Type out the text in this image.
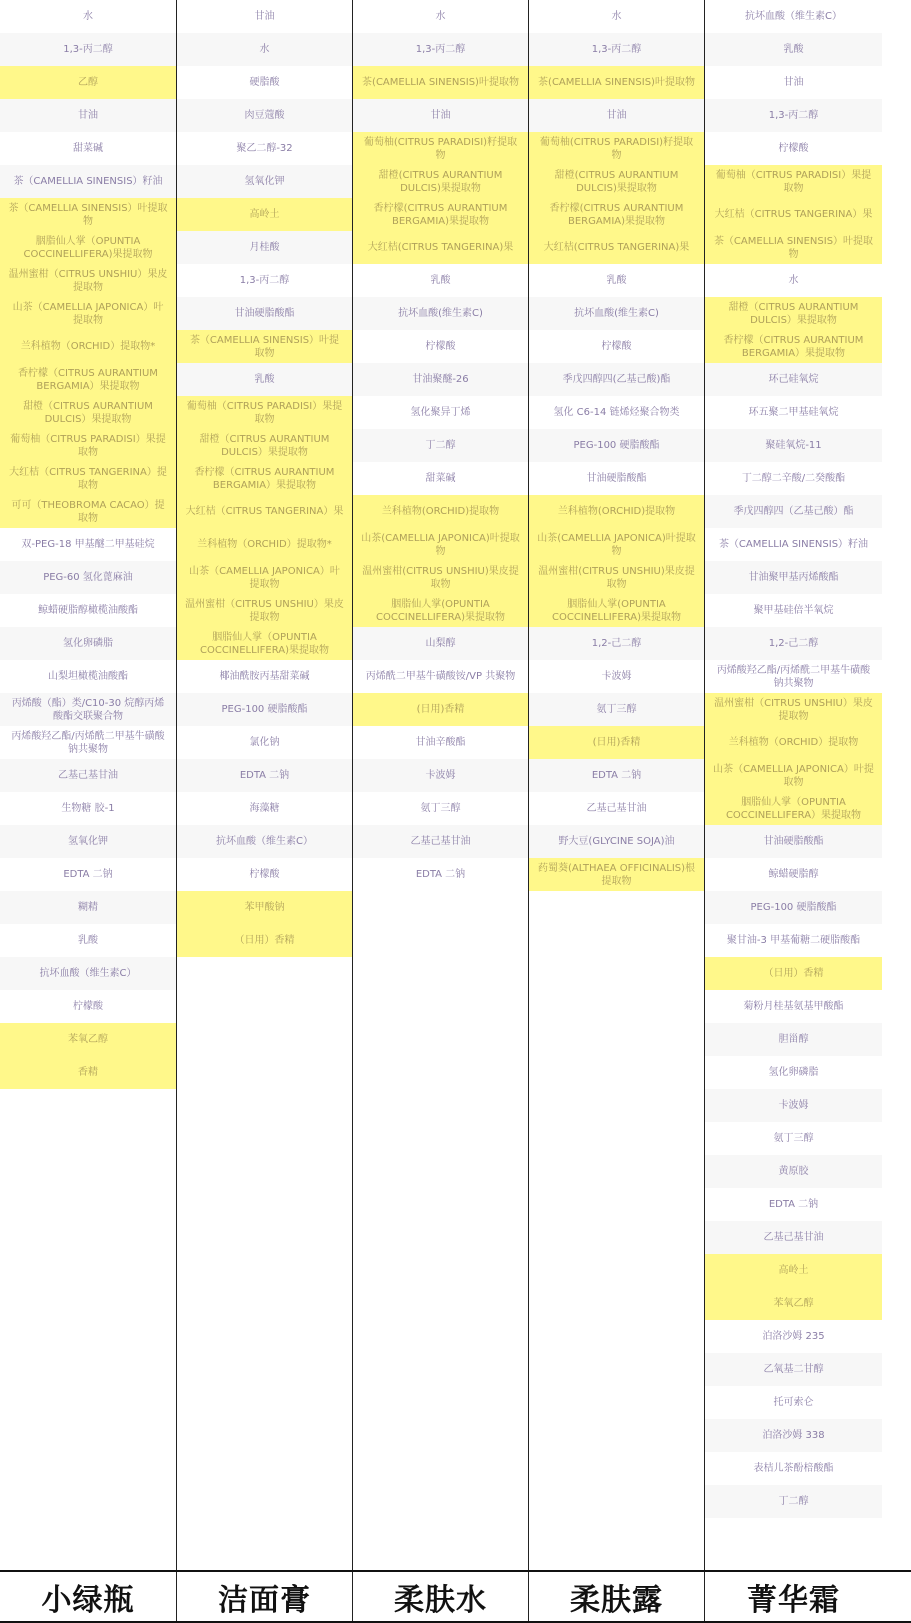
水
1,3-丙二醇
乙醇
甘油
甜菜碱
茶（CAMELLIA SINENSIS）籽油
茶（CAMELLIA SINENSIS）叶提取物
胭脂仙人掌（OPUNTIA COCCINELLIFERA)果提取物
温州蜜柑（CITRUS UNSHIU）果皮提取物
山茶（CAMELLIA JAPONICA）叶提取物
兰科植物（ORCHID）提取物*
香柠檬（CITRUS AURANTIUM BERGAMIA）果提取物
甜橙（CITRUS AURANTIUM DULCIS）果提取物
葡萄柚（CITRUS PARADISI）果提取物
大红桔（CITRUS TANGERINA）提取物
可可（THEOBROMA CACAO）提取物
双-PEG-18 甲基醚二甲基硅烷
PEG-60 氢化蓖麻油
鲸蜡硬脂醇橄榄油酸酯
氢化卵磷脂
山梨坦橄榄油酸酯
丙烯酸（酯）类/C10-30 烷醇丙烯酸酯交联聚合物
丙烯酸羟乙酯/丙烯酰二甲基牛磺酸钠共聚物
乙基己基甘油
生物糖 胶-1
氢氧化钾
EDTA 二钠
糊精
乳酸
抗坏血酸（维生素C）
柠檬酸
苯氧乙醇
香精
小绿瓶
甘油
水
硬脂酸
肉豆蔻酸
聚乙二醇-32
氢氧化钾
高岭土
月桂酸
1,3-丙二醇
甘油硬脂酸酯
茶（CAMELLIA SINENSIS）叶提取物
乳酸
葡萄柚（CITRUS PARADISI）果提取物
甜橙（CITRUS AURANTIUM DULCIS）果提取物
香柠檬（CITRUS AURANTIUM BERGAMIA）果提取物
大红桔（CITRUS TANGERINA）果
兰科植物（ORCHID）提取物*
山茶（CAMELLIA JAPONICA）叶提取物
温州蜜柑（CITRUS UNSHIU）果皮提取物
胭脂仙人掌（OPUNTIA COCCINELLIFERA)果提取物
椰油酰胺丙基甜菜碱
PEG-100 硬脂酸酯
氯化钠
EDTA 二钠
海藻糖
抗坏血酸（维生素C）
柠檬酸
苯甲酸钠
（日用）香精
洁面膏
水
1,3-丙二醇
茶(CAMELLIA SINENSIS)叶提取物
甘油
葡萄柚(CITRUS PARADISI)籽提取物
甜橙(CITRUS AURANTIUM DULCIS)果提取物
香柠檬(CITRUS AURANTIUM BERGAMIA)果提取物
大红桔(CITRUS TANGERINA)果
乳酸
抗坏血酸(维生素C)
柠檬酸
甘油聚醚-26
氢化聚异丁烯
丁二醇
甜菜碱
兰科植物(ORCHID)提取物
山茶(CAMELLIA JAPONICA)叶提取物
温州蜜柑(CITRUS UNSHIU)果皮提取物
胭脂仙人掌(OPUNTIA COCCINELLIFERA)果提取物
山梨醇
丙烯酰二甲基牛磺酸铵/VP 共聚物
(日用)香精
甘油辛酸酯
卡波姆
氨丁三醇
乙基己基甘油
EDTA 二钠
柔肤水
水
1,3-丙二醇
茶(CAMELLIA SINENSIS)叶提取物
甘油
葡萄柚(CITRUS PARADISI)籽提取物
甜橙(CITRUS AURANTIUM DULCIS)果提取物
香柠檬(CITRUS AURANTIUM BERGAMIA)果提取物
大红桔(CITRUS TANGERINA)果
乳酸
抗坏血酸(维生素C)
柠檬酸
季戊四醇四(乙基己酸)酯
氢化 C6-14 链烯烃聚合物类
PEG-100 硬脂酸酯
甘油硬脂酸酯
兰科植物(ORCHID)提取物
山茶(CAMELLIA JAPONICA)叶提取物
温州蜜柑(CITRUS UNSHIU)果皮提取物
胭脂仙人掌(OPUNTIA COCCINELLIFERA)果提取物
1,2-己二醇
卡波姆
氨丁三醇
(日用)香精
EDTA 二钠
乙基己基甘油
野大豆(GLYCINE SOJA)油
药蜀葵(ALTHAEA OFFICINALIS)根提取物
柔肤露
抗坏血酸（维生素C）
乳酸
甘油
1,3-丙二醇
柠檬酸
葡萄柚（CITRUS PARADISI）果提取物
大红桔（CITRUS TANGERINA）果
茶（CAMELLIA SINENSIS）叶提取物
水
甜橙（CITRUS AURANTIUM DULCIS）果提取物
香柠檬（CITRUS AURANTIUM BERGAMIA）果提取物
环己硅氧烷
环五聚二甲基硅氧烷
聚硅氧烷-11
丁二醇二辛酸/二癸酸酯
季戊四醇四（乙基己酸）酯
茶（CAMELLIA SINENSIS）籽油
甘油聚甲基丙烯酸酯
聚甲基硅倍半氧烷
1,2-己二醇
丙烯酸羟乙酯/丙烯酰二甲基牛磺酸钠共聚物
温州蜜柑（CITRUS UNSHIU）果皮提取物
兰科植物（ORCHID）提取物
山茶（CAMELLIA JAPONICA）叶提取物
胭脂仙人掌（OPUNTIA COCCINELLIFERA）果提取物
甘油硬脂酸酯
鲸蜡硬脂醇
PEG-100 硬脂酸酯
聚甘油-3 甲基葡糖二硬脂酸酯
（日用）香精
菊粉月桂基氨基甲酸酯
胆甾醇
氢化卵磷脂
卡波姆
氨丁三醇
黄原胶
EDTA 二钠
乙基己基甘油
高岭土
苯氧乙醇
泊洛沙姆 235
乙氧基二甘醇
托可索仑
泊洛沙姆 338
表桔儿茶酚棓酸酯
丁二醇
菁华霜
